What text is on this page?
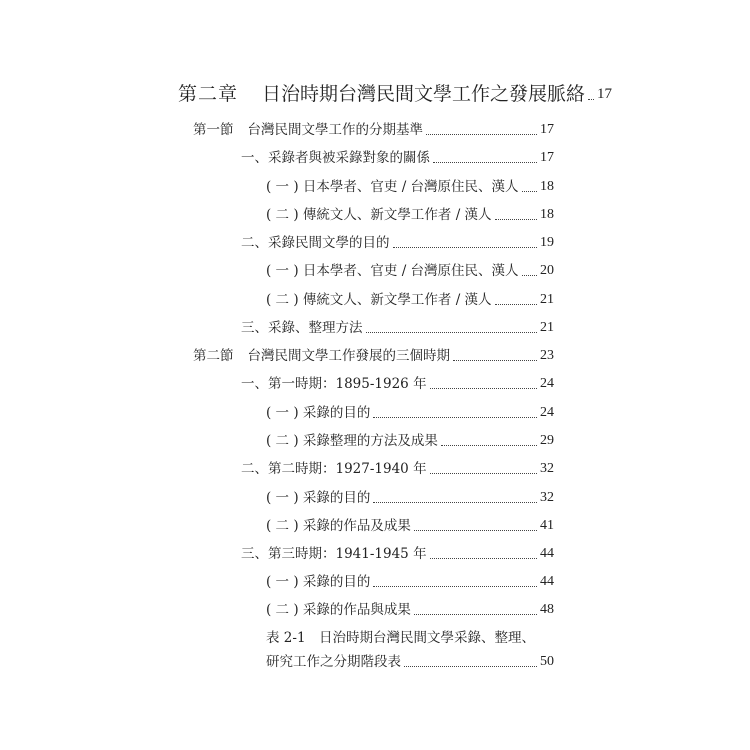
第二章 日治時期台灣民間文學工作之發展脈絡 17
第一節 台灣民間文學工作的分期基準	17
一、采錄者與被采錄對象的關係	17
( 一 ) 日本學者、官吏 / 台灣原住民、漢人 18
( 二 ) 傳統文人、新文學工作者 / 漢人	18
二、采錄民間文學的目的	19
( 一 ) 日本學者、官吏 / 台灣原住民、漢人 20
( 二 ) 傳統文人、新文學工作者 / 漢人	21
三、采錄、整理方法	21
第二節 台灣民間文學工作發展的三個時期	23
一、第一時期：1895-1926 年	24
( 一 ) 采錄的目的	24
( 二 ) 采錄整理的方法及成果	29
二、第二時期：1927-1940 年	32
( 一 ) 采錄的目的	32
( 二 ) 采錄的作品及成果	41
三、第三時期：1941-1945 年	44
( 一 ) 采錄的目的	44
( 二 ) 采錄的作品與成果	48
表 2-1　日治時期台灣民間文學采錄、整理、
研究工作之分期階段表	50
